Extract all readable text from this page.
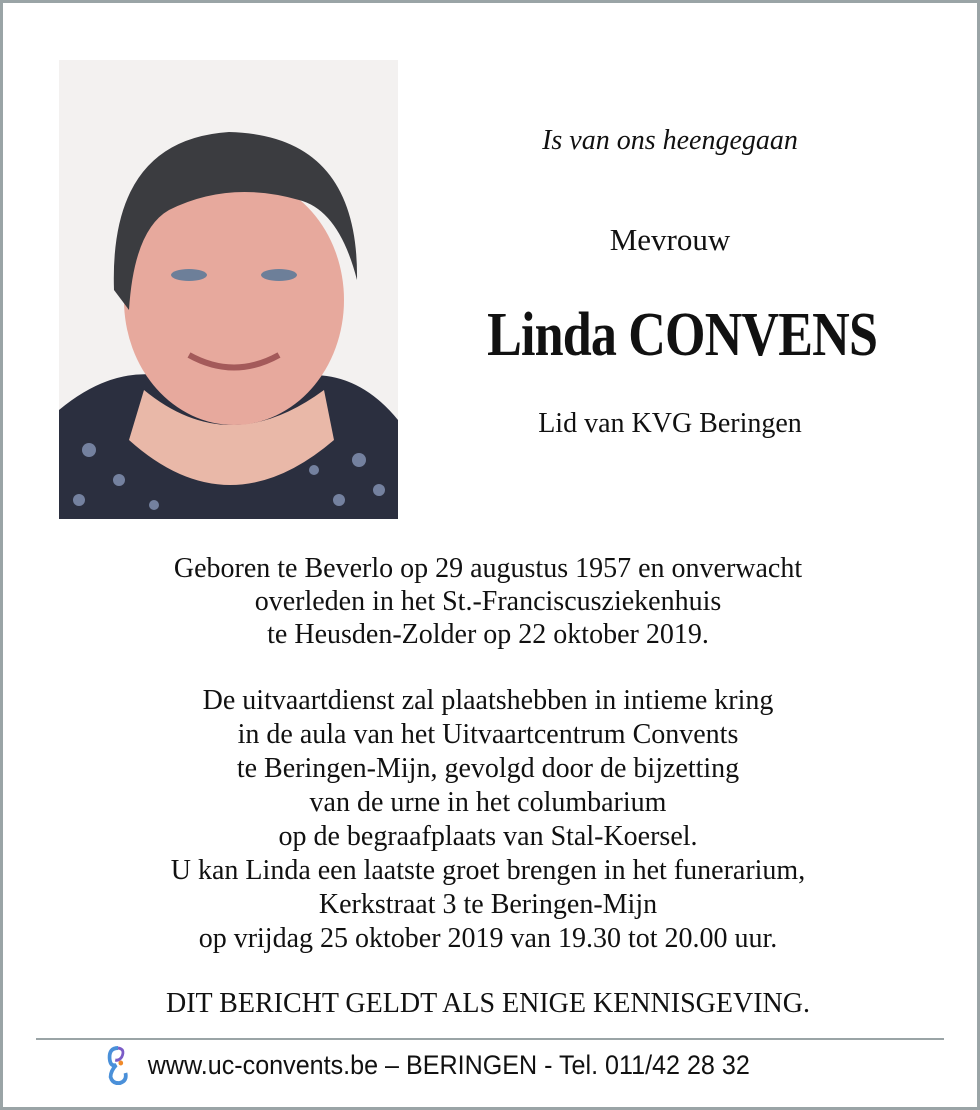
Is van ons heengegaan
Mevrouw
Linda CONVENS
Lid van KVG Beringen
Geboren te Beverlo op 29 augustus 1957 en onverwacht
overleden in het St.-Franciscusziekenhuis
te Heusden-Zolder op 22 oktober 2019.
De uitvaartdienst zal plaatshebben in intieme kring
in de aula van het Uitvaartcentrum Convents
te Beringen-Mijn, gevolgd door de bijzetting
van de urne in het columbarium
op de begraafplaats van Stal-Koersel.
U kan Linda een laatste groet brengen in het funerarium,
Kerkstraat 3 te Beringen-Mijn
op vrijdag 25 oktober 2019 van 19.30 tot 20.00 uur.
DIT BERICHT GELDT ALS ENIGE KENNISGEVING.
www.uc-convents.be – BERINGEN - Tel. 011/42 28 32
